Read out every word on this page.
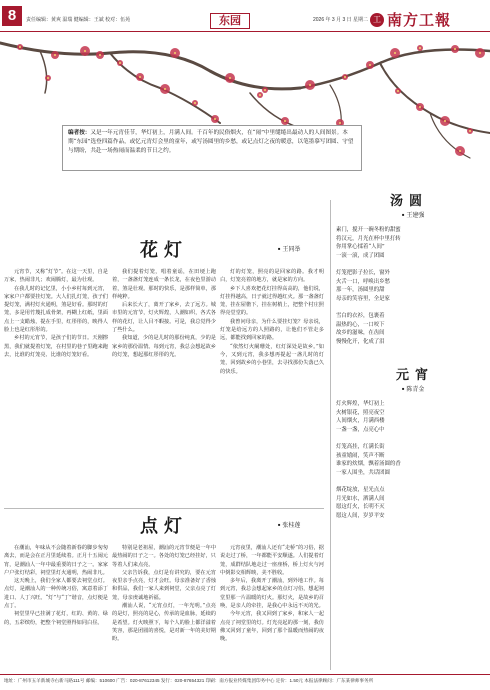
8	责任编辑：黄爽 温瑞 健编辑：王斌 校对：伍苑	东园	2026 年 3 月 3 日 星期二 工 南方工報
编者按：又是一年元宵佳节，华灯初上，月满人间。千百年的民俗烟火，在“闹”中里缱绻出最动人的人间图景。本期“东园”选登四篇作品，或忆元宵灯会里的童年，或写汤圆里的乡愁，或记点灯之夜的暖意，以笔墨摹写团圆、守望与期盼，共赴一场热闹而温柔的节日之约。
花灯	■ 王同举

元宵节，又称“灯节”。在这一天里，自是万家，热闹非凡；欢闹腾灯，最为壮观。

在我儿时的记忆里，小小乡村每到元宵，家家户户都要挂灯笼。大人们扎灯笼，孩子们提灯笼，满村灯火通明，煞是好看。那时的灯笼，多是用竹篾扎成骨架，再糊上红纸，里面点上一支蜡烛，提在手里，红彤彤的，映得人脸上也是红彤彤的。

乡村的元宵节，是孩子们的节日。天刚擦黑，我们就提着灯笼，在村里的巷子里跑来跑去，比谁的灯笼亮、比谁的灯笼好看。

我们提着灯笼，唱着童谣，在田埂上跑着，一盏盏灯笼连成一条长龙，在夜色里游动着，煞是壮观。那时的快乐，是那样简单，那样纯粹。

后来长大了，离开了家乡，去了远方。城市里的元宵节，灯火辉煌，人潮如织，各式各样的花灯，让人目不暇接。可是，我总觉得少了些什么。

我知道，少的是儿时的那份纯真，少的是家乡的那份温情。每到元宵，我总会想起故乡的灯笼，想起那红彤彤的光。

灯的灯笼，照亮的是回家的路。我才明白，灯笼亮着的地方，就是家的方向。

乡下人喜欢把花灯挂得高高的，他们说，灯挂得越高，日子就过得越红火。那一盏盏灯笼，挂在屋檐下，挂在树梢上，把整个村庄照得亮堂堂的。

我曾问母亲，为什么要挂灯笼？母亲说，灯笼是给远方的人照路的，让他们不管走多远，都能找到回家的路。

“依然灯火阑珊处，红灯深处是故乡。”如今，又到元宵，我多想再提起一盏儿时的灯笼，回到故乡的小巷里，去寻找那份失落已久的快乐。

点灯	■ 张桂莲

在潮汕，年味从不会随着新春的脚步匆匆离去，而是会在正月里延续着。正月十五闹元宵，是潮汕人一年中最重要的日子之一。家家户户张灯结彩，祠堂里灯火通明，热闹非凡。

这天晚上，我们全家人都要去祠堂点灯。点灯，是潮汕人的一种传统习俗，寓意着添丁进口、人丁兴旺。“灯”与“丁”谐音，点灯便是点丁。

祠堂里早已挂满了花灯，红的、黄的、绿的，五彩缤纷，把整个祠堂照得如同白昼。

特别是老祖屋，潮汕的元宵节便是一年中最热闹的日子之一。各处的灯笼已经挂好，只等着人们来点亮。

父亲告诉我，点灯是有讲究的，要在元宵夜里亲手点亮，灯才会旺。母亲准备好了香烛和供品，我们一家人来到祠堂，父亲点亮了灯笼，母亲虔诚地祈福。

潮汕人说，“元宵点灯，一年光明。”点亮的是灯，照亮的是心，传承的是血脉，延续的是希望。灯火映照下，每个人的脸上都洋溢着笑容，那是团圆的喜悦，是对新一年的美好期盼。

元宵夜里，潮汕人还有“走桥”的习俗，据说走过了桥，一年都能平安顺遂。人们提着灯笼，成群结队地走过一座座桥，桥上灯火与河中倒影交相辉映，美不胜收。

多年后，我离开了潮汕，到外地工作。每到元宵，我总会想起家乡的点灯习俗，想起祠堂里那一片温暖的灯火。那灯火，是故乡的召唤，是亲人的牵挂，是我心中永远不灭的光。

今年元宵，我又回到了家乡，和家人一起点亮了祠堂里的灯。灯光亮起的那一刻，我仿佛又回到了童年，回到了那个温暖而热闹的夜晚。

汤圆
■ 王建强
素门，搅开一碗冬粉的甜蜜
将汉元，月光在杯中里打转
你用掌心揉着“人间”
一滚一滚，成了团圆

灯笼把影子拉长，窗外
火舌一口，呼唤出乡愁
那一年，汤圆里的甜
母亲的笑容里，全是家

雪白的衣衫，包裹着
温热的心，一口咬下
故乡的滋味，在齿间
慢慢化开，化成了泪
元宵
■ 陈青金
灯火辉煌，华灯初上
火树银花，照亮夜空
人间烟火，月满西楼
一盏一盏，点亮心中

灯笼高挂，红满长街
孩童嬉闹，笑声不断
谁家的炊烟，飘着汤圆的香
一家人围坐，共话团圆

烟花绽放，星光点点
月光如水，洒满人间
愿这灯火，长明不灭
愿这人间，岁岁平安
地址：广州市五羊新城寺右新马路111号 邮编：510600 广告：020-87612345 发行：020-87654321 印刷：南方报业传媒集团印务中心 定价：1.50元 本报法律顾问：广东某律师事务所
